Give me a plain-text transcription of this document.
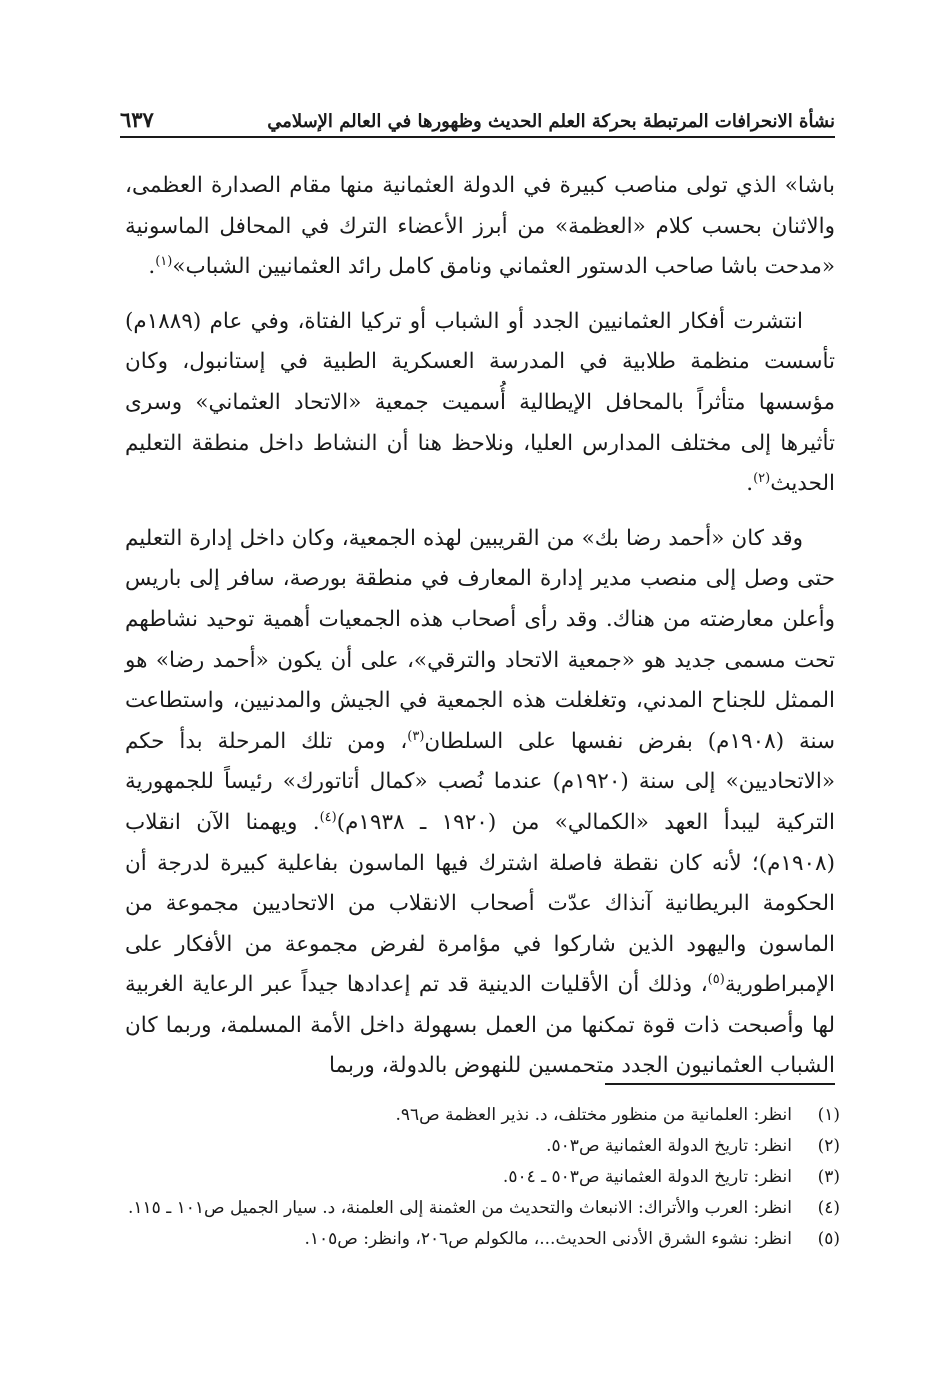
نشأة الانحرافات المرتبطة بحركة العلم الحديث وظهورها في العالم الإسلامي
٦٣٧

باشا» الذي تولى مناصب كبيرة في الدولة العثمانية منها مقام الصدارة العظمى، والاثنان بحسب كلام «العظمة» من أبرز الأعضاء الترك في المحافل الماسونية «مدحت باشا صاحب الدستور العثماني ونامق كامل رائد العثمانيين الشباب»$^{(١)}$.

انتشرت أفكار العثمانيين الجدد أو الشباب أو تركيا الفتاة، وفي عام (١٨٨٩م) تأسست منظمة طلابية في المدرسة العسكرية الطبية في إستانبول، وكان مؤسسها متأثراً بالمحافل الإيطالية أُسميت جمعية «الاتحاد العثماني» وسرى تأثيرها إلى مختلف المدارس العليا، ونلاحظ هنا أن النشاط داخل منطقة التعليم الحديث$^{(٢)}$.

وقد كان «أحمد رضا بك» من القريبين لهذه الجمعية، وكان داخل إدارة التعليم حتى وصل إلى منصب مدير إدارة المعارف في منطقة بورصة، سافر إلى باريس وأعلن معارضته من هناك. وقد رأى أصحاب هذه الجمعيات أهمية توحيد نشاطهم تحت مسمى جديد هو «جمعية الاتحاد والترقي»، على أن يكون «أحمد رضا» هو الممثل للجناح المدني، وتغلغلت هذه الجمعية في الجيش والمدنيين، واستطاعت سنة (١٩٠٨م) بفرض نفسها على السلطان$^{(٣)}$، ومن تلك المرحلة بدأ حكم «الاتحاديين» إلى سنة (١٩٢٠م) عندما نُصب «كمال أتاتورك» رئيساً للجمهورية التركية ليبدأ العهد «الكمالي» من (١٩٢٠ ـ ١٩٣٨م)$^{(٤)}$. ويهمنا الآن انقلاب (١٩٠٨م)؛ لأنه كان نقطة فاصلة اشترك فيها الماسون بفاعلية كبيرة لدرجة أن الحكومة البريطانية آنذاك عدّت أصحاب الانقلاب من الاتحاديين مجموعة من الماسون واليهود الذين شاركوا في مؤامرة لفرض مجموعة من الأفكار على الإمبراطورية$^{(٥)}$، وذلك أن الأقليات الدينية قد تم إعدادها جيداً عبر الرعاية الغربية لها وأصبحت ذات قوة تمكنها من العمل بسهولة داخل الأمة المسلمة، وربما كان الشباب العثمانيون الجدد متحمسين للنهوض بالدولة، وربما

(١)
انظر: العلمانية من منظور مختلف، د. نذير العظمة ص٩٦.
(٢)
انظر: تاريخ الدولة العثمانية ص٥٠٣.
(٣)
انظر: تاريخ الدولة العثمانية ص٥٠٣ ـ ٥٠٤.
(٤)
انظر: العرب والأتراك: الانبعاث والتحديث من العثمنة إلى العلمنة، د. سيار الجميل ص١٠١ ـ ١١٥.
(٥)
انظر: نشوء الشرق الأدنى الحديث...، مالكولم ص٢٠٦، وانظر: ص١٠٥.
